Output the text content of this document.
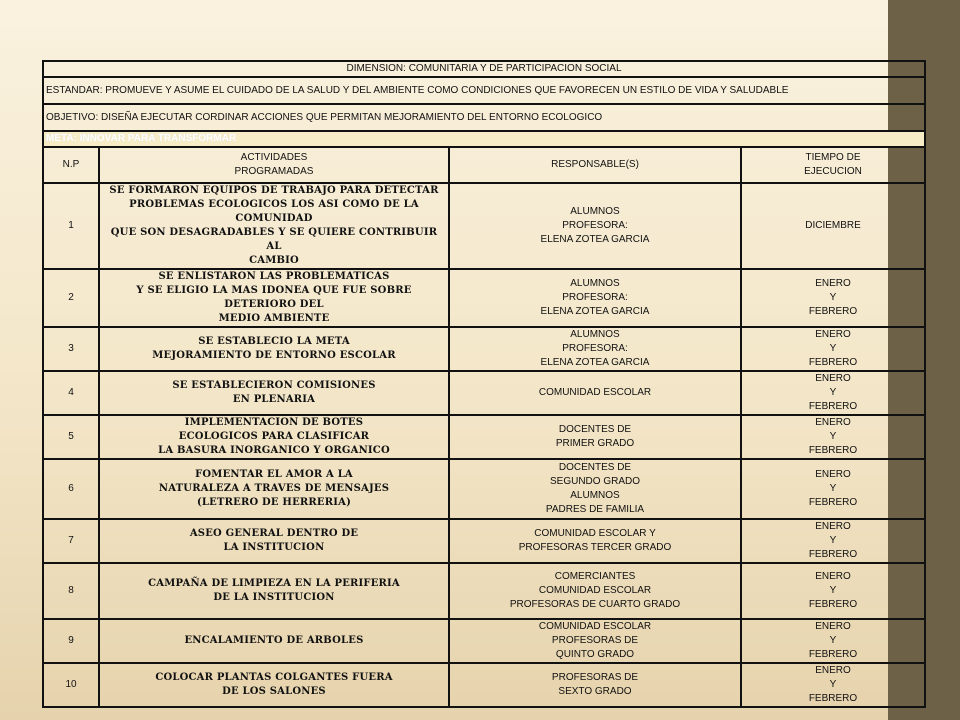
DIMENSION: COMUNITARIA Y DE PARTICIPACION SOCIAL			
ESTANDAR: PROMUEVE Y ASUME EL CUIDADO DE LA SALUD Y DEL AMBIENTE COMO CONDICIONES QUE FAVORECEN UN ESTILO DE VIDA Y SALUDABLE			
OBJETIVO: DISEÑA EJECUTAR CORDINAR ACCIONES QUE PERMITAN MEJORAMIENTO DEL ENTORNO ECOLOGICO			
META: INNOVAR PARA TRANSFORMAR			
N.P	ACTIVIDADES
PROGRAMADAS	RESPONSABLE(S)	TIEMPO DE
EJECUCION

1	SE FORMARON EQUIPOS DE TRABAJO PARA DETECTAR
PROBLEMAS ECOLOGICOS LOS ASI COMO DE LA COMUNIDAD
QUE SON DESAGRADABLES Y SE QUIERE CONTRIBUIR AL
CAMBIO	ALUMNOS
PROFESORA:
ELENA ZOTEA GARCIA	DICIEMBRE

2	SE ENLISTARON LAS PROBLEMATICAS
Y SE ELIGIO LA MAS IDONEA QUE FUE SOBRE DETERIORO DEL
MEDIO AMBIENTE	ALUMNOS
PROFESORA:
ELENA ZOTEA GARCIA	ENERO
Y
FEBRERO

3	SE ESTABLECIO LA META
MEJORAMIENTO DE ENTORNO ESCOLAR	ALUMNOS
PROFESORA:
ELENA ZOTEA GARCIA	ENERO
Y
FEBRERO

4	SE ESTABLECIERON COMISIONES
EN PLENARIA	COMUNIDAD ESCOLAR	ENERO
Y
FEBRERO

5	IMPLEMENTACION DE BOTES
ECOLOGICOS PARA CLASIFICAR
LA BASURA INORGANICO Y ORGANICO	DOCENTES DE
PRIMER GRADO	ENERO
Y
FEBRERO

6	FOMENTAR EL AMOR A LA
NATURALEZA A TRAVES DE MENSAJES
(LETRERO DE HERRERIA)	DOCENTES DE
SEGUNDO GRADO
ALUMNOS
PADRES DE FAMILIA	ENERO
Y
FEBRERO

7	ASEO GENERAL DENTRO DE
LA INSTITUCION	COMUNIDAD ESCOLAR Y
PROFESORAS TERCER GRADO	ENERO
Y
FEBRERO

8	CAMPAÑA DE LIMPIEZA EN LA PERIFERIA
DE LA INSTITUCION	COMERCIANTES
COMUNIDAD ESCOLAR
PROFESORAS DE CUARTO GRADO	ENERO
Y
FEBRERO

9	ENCALAMIENTO DE ARBOLES	COMUNIDAD ESCOLAR
PROFESORAS DE
QUINTO GRADO	ENERO
Y
FEBRERO

10	COLOCAR PLANTAS COLGANTES FUERA
DE LOS SALONES	PROFESORAS DE
SEXTO GRADO	ENERO
Y
FEBRERO
